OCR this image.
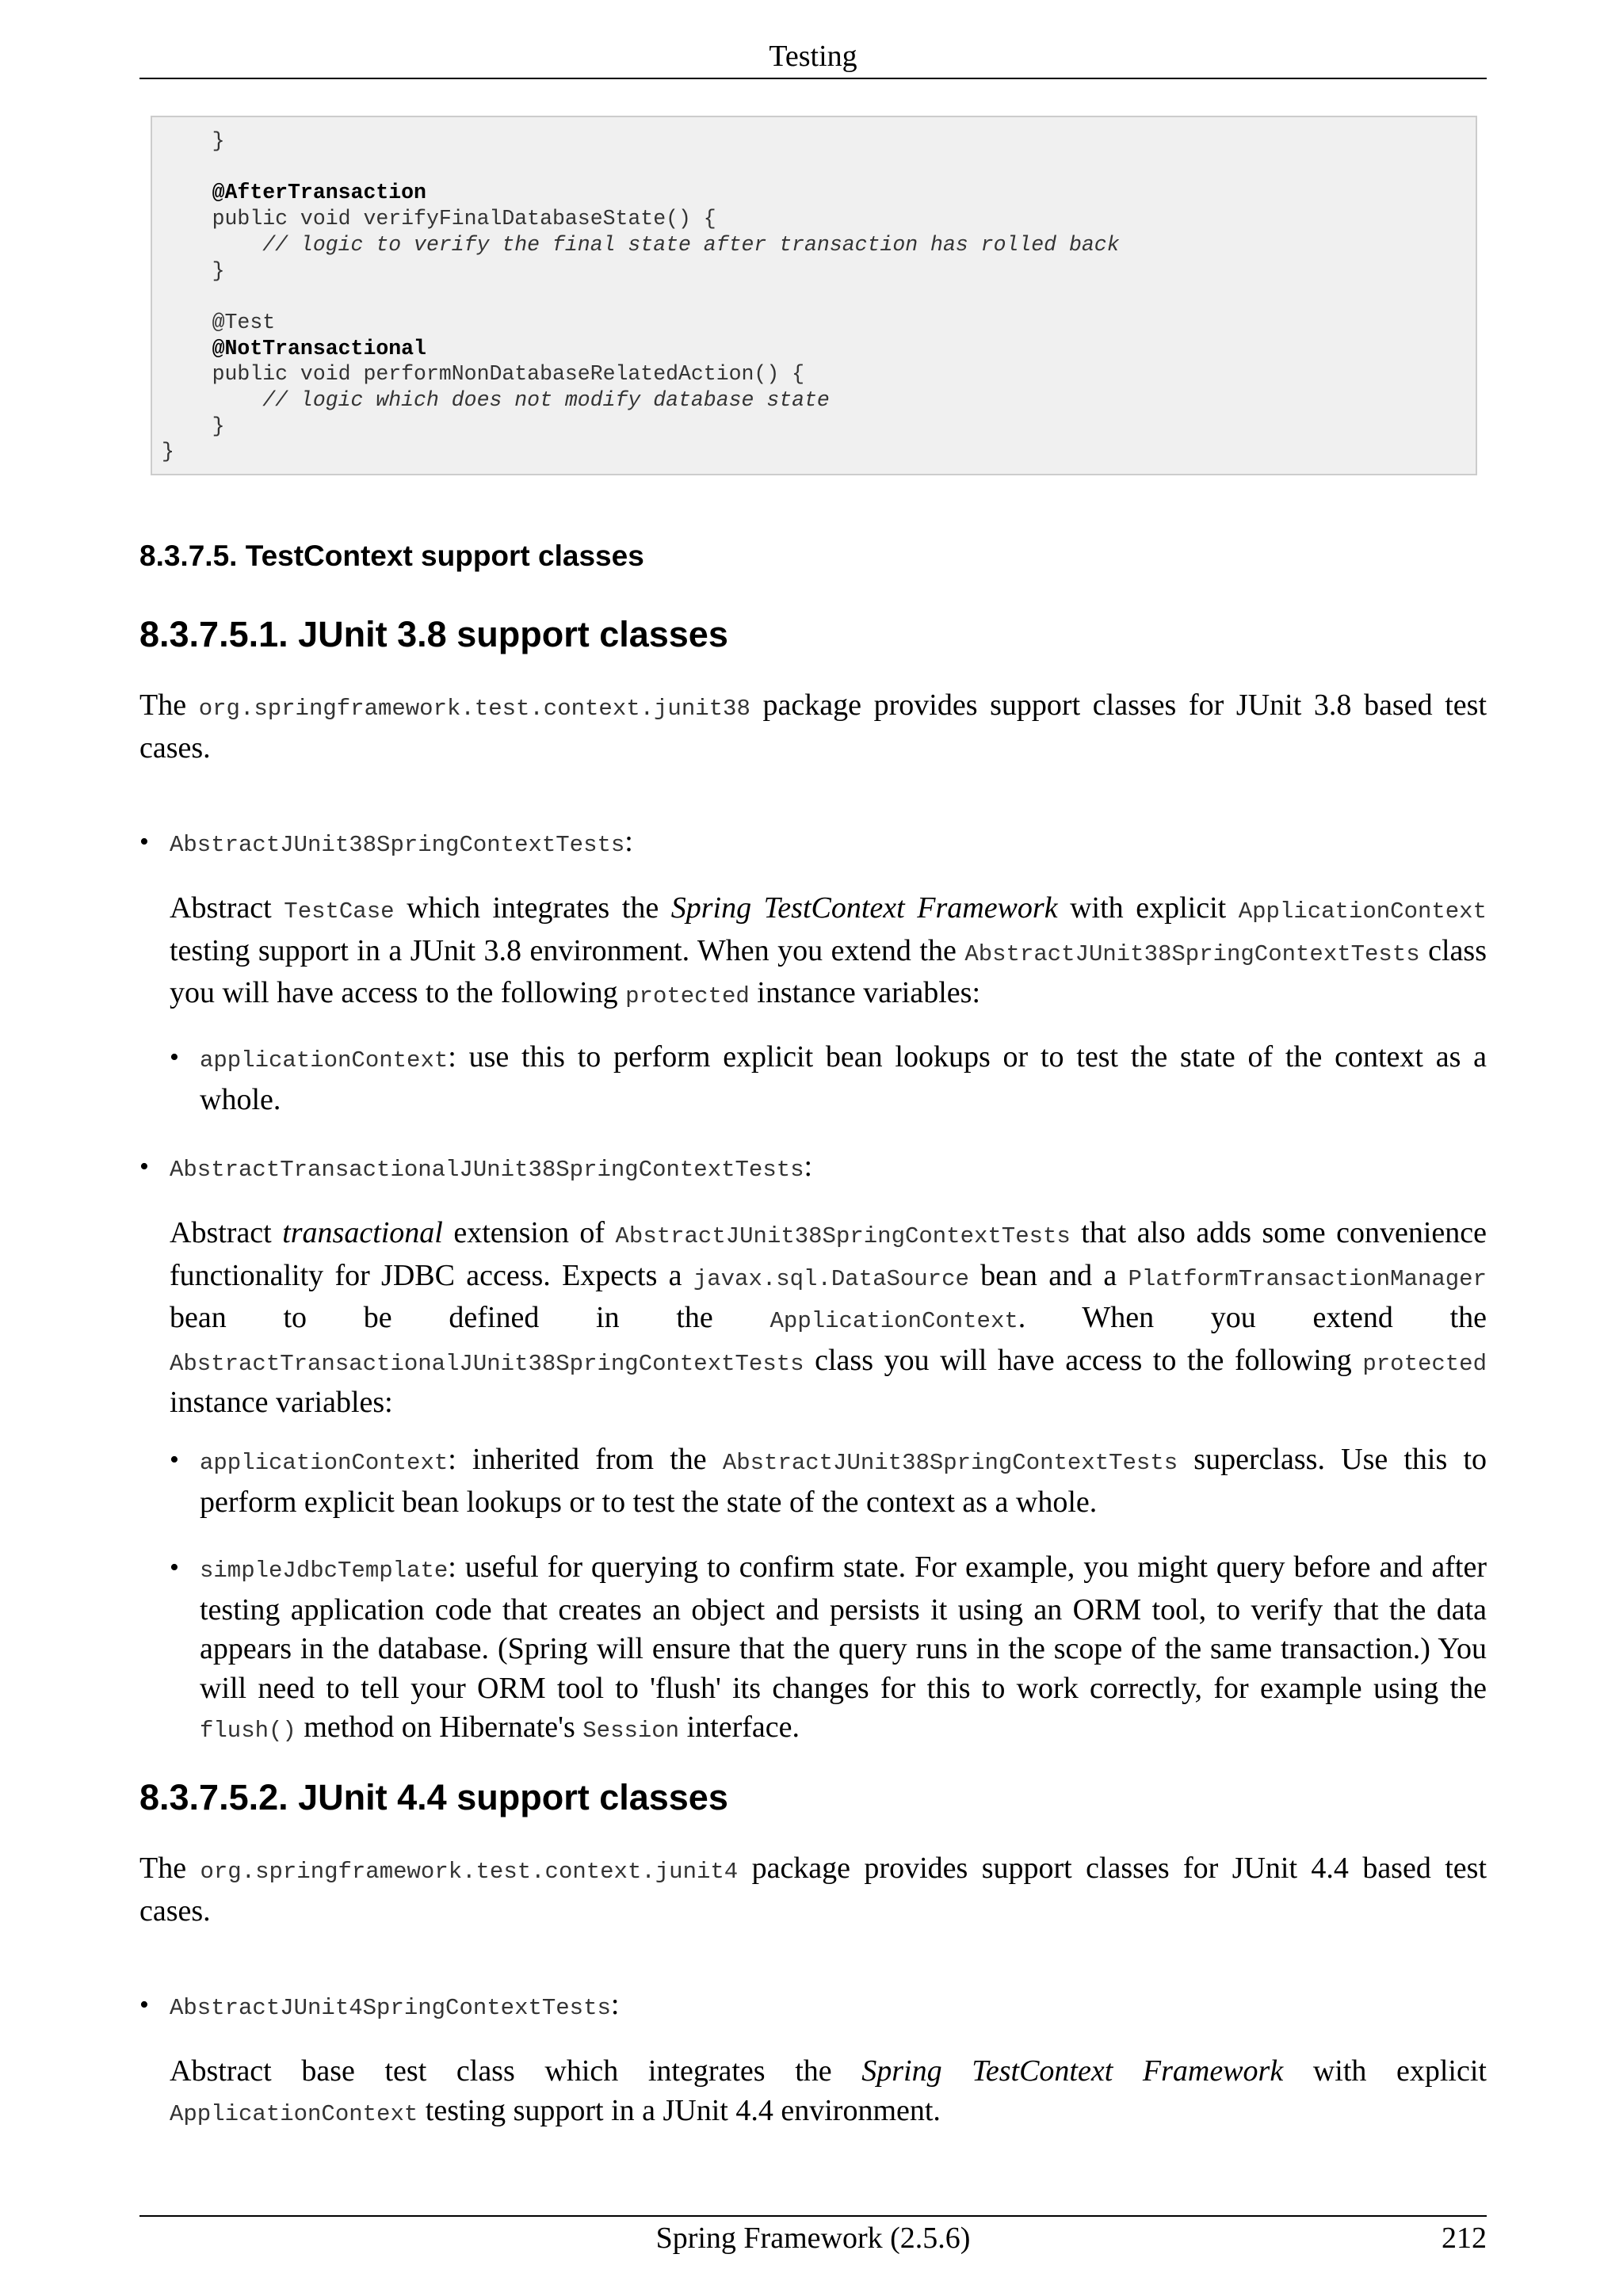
Testing
}

@AfterTransaction
public void verifyFinalDatabaseState() {
// logic to verify the final state after transaction has rolled back
}

@Test
@NotTransactional
public void performNonDatabaseRelatedAction() {
// logic which does not modify database state
}
}
8.3.7.5. TestContext support classes
8.3.7.5.1. JUnit 3.8 support classes
The org.springframework.test.context.junit38 package provides support classes for JUnit 3.8 based test cases.
• AbstractJUnit38SpringContextTests:
Abstract TestCase which integrates the Spring TestContext Framework with explicit ApplicationContext testing support in a JUnit 3.8 environment. When you extend the AbstractJUnit38SpringContextTests class you will have access to the following protected instance variables:
• applicationContext: use this to perform explicit bean lookups or to test the state of the context as a whole.
• AbstractTransactionalJUnit38SpringContextTests:
Abstract transactional extension of AbstractJUnit38SpringContextTests that also adds some convenience functionality for JDBC access. Expects a javax.sql.DataSource bean and a PlatformTransactionManager bean to be defined in the ApplicationContext. When you extend the AbstractTransactionalJUnit38SpringContextTests class you will have access to the following protected instance variables:
• applicationContext: inherited from the AbstractJUnit38SpringContextTests superclass. Use this to perform explicit bean lookups or to test the state of the context as a whole.
• simpleJdbcTemplate: useful for querying to confirm state. For example, you might query before and after testing application code that creates an object and persists it using an ORM tool, to verify that the data appears in the database. (Spring will ensure that the query runs in the scope of the same transaction.) You will need to tell your ORM tool to 'flush' its changes for this to work correctly, for example using the flush() method on Hibernate's Session interface.
8.3.7.5.2. JUnit 4.4 support classes
The org.springframework.test.context.junit4 package provides support classes for JUnit 4.4 based test cases.
• AbstractJUnit4SpringContextTests:
Abstract base test class which integrates the Spring TestContext Framework with explicit ApplicationContext testing support in a JUnit 4.4 environment.
Spring Framework (2.5.6)	212
